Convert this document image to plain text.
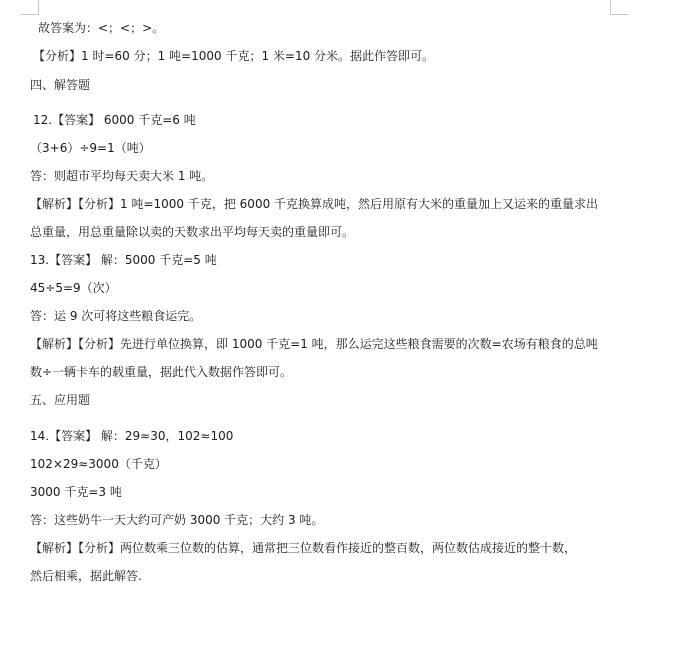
故答案为：<；<；>。
【分析】1 时=60 分；1 吨=1000 千克；1 米=10 分米。据此作答即可。
四、解答题
12.【答案】 6000 千克=6 吨
（3+6）÷9=1（吨）
答：则超市平均每天卖大米 1 吨。
【解析】【分析】1 吨=1000 千克，把 6000 千克换算成吨，然后用原有大米的重量加上又运来的重量求出
总重量，用总重量除以卖的天数求出平均每天卖的重量即可。
13.【答案】 解：5000 千克=5 吨
45÷5=9（次）
答：运 9 次可将这些粮食运完。
【解析】【分析】先进行单位换算，即 1000 千克=1 吨，那么运完这些粮食需要的次数=农场有粮食的总吨
数÷一辆卡车的载重量，据此代入数据作答即可。
五、应用题
14.【答案】 解：29≈30，102≈100
102×29≈3000（千克）
3000 千克=3 吨
答：这些奶牛一天大约可产奶 3000 千克；大约 3 吨。
【解析】【分析】两位数乘三位数的估算，通常把三位数看作接近的整百数，两位数估成接近的整十数，
然后相乘，据此解答.
